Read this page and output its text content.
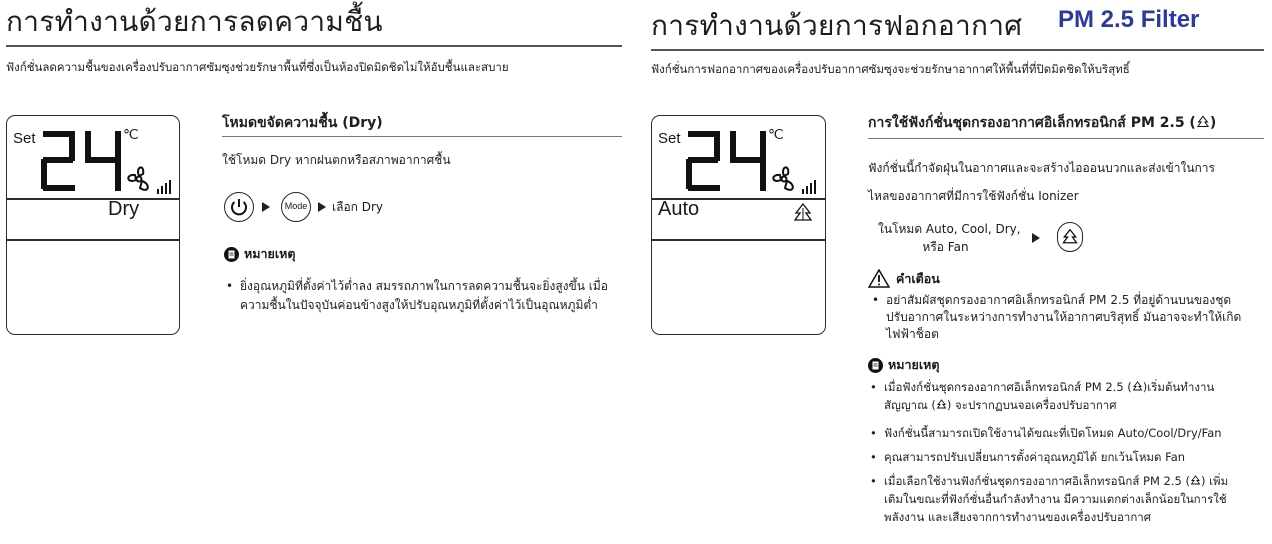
การทำงานด้วยการลดความชื้น
ฟังก์ชั่นลดความชื้นของเครื่องปรับอากาศซัมซุงช่วยรักษาพื้นที่ซึ่งเป็นห้องปิดมิดชิดไม่ให้อับชื้นและสบาย
Set	℃
Dry
โหมดขจัดความชื้น (Dry)
ใช้โหมด Dry หากฝนตกหรือสภาพอากาศชื้น
Mode เลือก Dry
หมายเหตุ
• ยิ่งอุณหภูมิที่ตั้งค่าไว้ต่ำลง สมรรถภาพในการลดความชื้นจะยิ่งสูงขึ้น เมื่อ
ความชื้นในปัจจุบันค่อนข้างสูงให้ปรับอุณหภูมิที่ตั้งค่าไว้เป็นอุณหภูมิต่ำ
การทำงานด้วยการฟอกอากาศ PM 2.5 Filter
ฟังก์ชั่นการฟอกอากาศของเครื่องปรับอากาศซัมซุงจะช่วยรักษาอากาศให้พื้นที่ที่ปิดมิดชิดให้บริสุทธิ์
Set	℃
Auto
การใช้ฟังก์ชั่นชุดกรองอากาศอิเล็กทรอนิกส์ PM 2.5 ( )
ฟังก์ชั่นนี้กำจัดฝุ่นในอากาศและจะสร้างไอออนบวกและส่งเข้าในการ
ไหลของอากาศที่มีการใช้ฟังก์ชั่น Ionizer
ในโหมด Auto, Cool, Dry,
หรือ Fan
คำเตือน
• อย่าสัมผัสชุดกรองอากาศอิเล็กทรอนิกส์ PM 2.5 ที่อยู่ด้านบนของชุด
ปรับอากาศในระหว่างการทำงานให้อากาศบริสุทธิ์ มันอาจจะทำให้เกิด
ไฟฟ้าช็อต
หมายเหตุ
• เมื่อฟังก์ชั่นชุดกรองอากาศอิเล็กทรอนิกส์ PM 2.5 ( )เริ่มต้นทำงาน
สัญญาณ ( ) จะปรากฏบนจอเครื่องปรับอากาศ
• ฟังก์ชั่นนี้สามารถเปิดใช้งานได้ขณะที่เปิดโหมด Auto/Cool/Dry/Fan
• คุณสามารถปรับเปลี่ยนการตั้งค่าอุณหภูมิได้ ยกเว้นโหมด Fan
• เมื่อเลือกใช้งานฟังก์ชั่นชุดกรองอากาศอิเล็กทรอนิกส์ PM 2.5 ( ) เพิ่ม
เติมในขณะที่ฟังก์ชั่นอื่นกำลังทำงาน มีความแตกต่างเล็กน้อยในการใช้
พลังงาน และเสียงจากการทำงานของเครื่องปรับอากาศ
